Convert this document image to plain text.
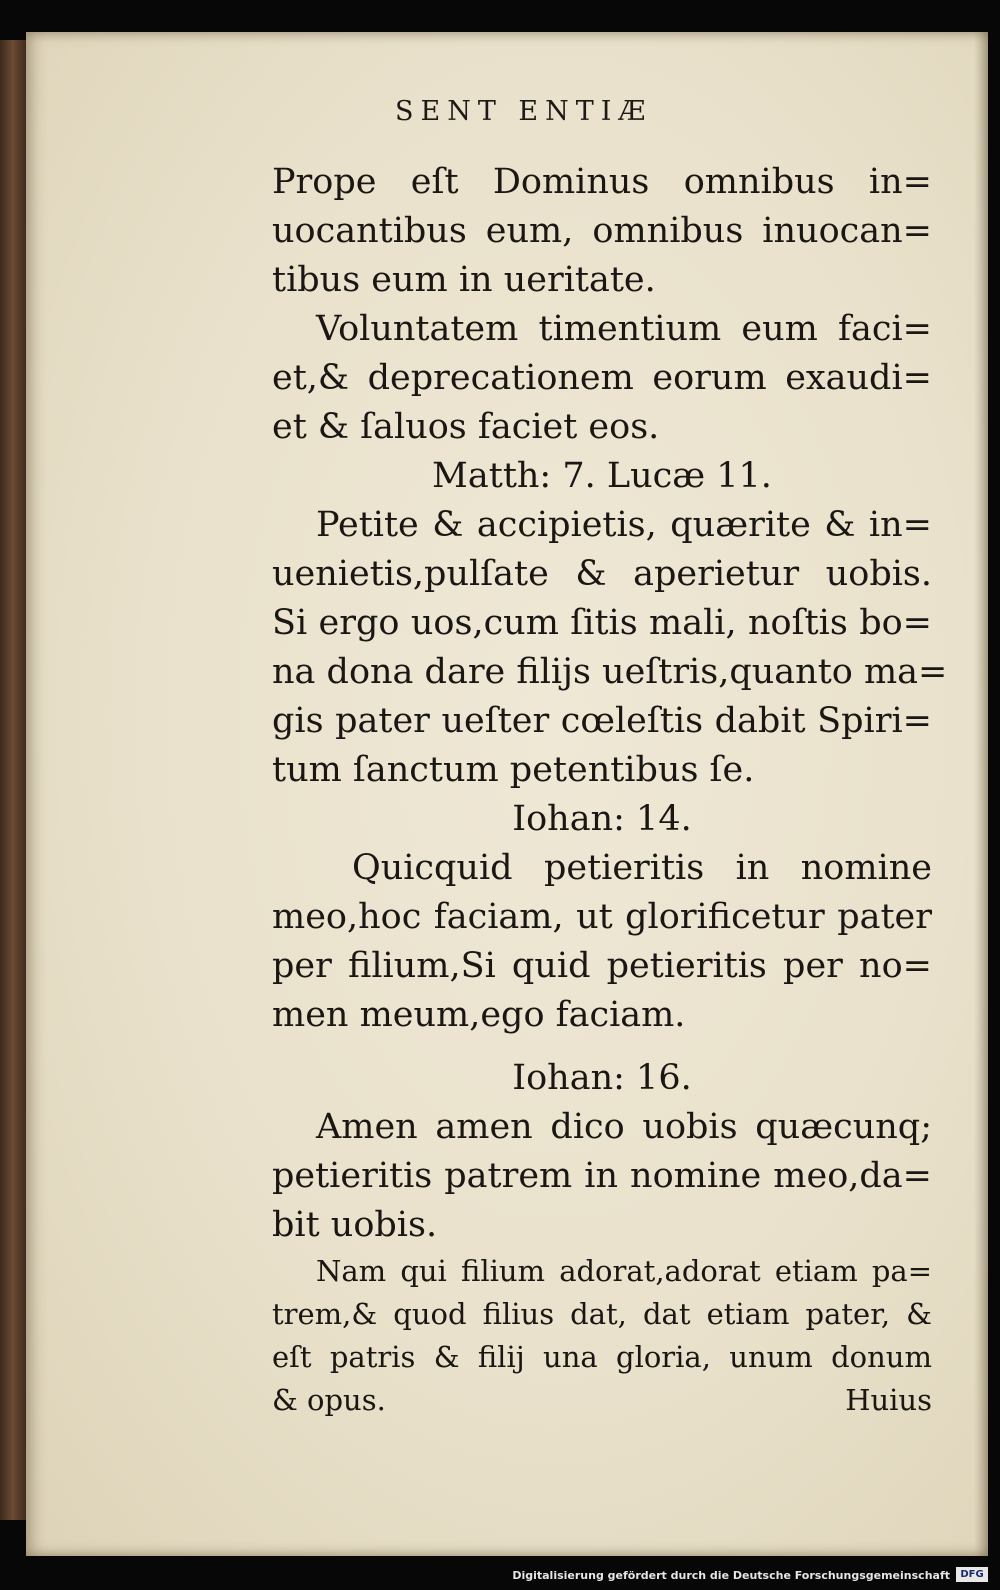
SENT ENTIÆ
Prope eſt Dominus omnibus in=
uocantibus eum, omnibus inuocan=
tibus eum in ueritate.
Voluntatem timentium eum faci=
et,& deprecationem eorum exaudi=
et & ſaluos faciet eos.
Matth: 7. Lucæ 11.
Petite & accipietis, quærite & in=
uenietis,pulſate & aperietur uobis.
Si ergo uos,cum ſitis mali, noſtis bo=
na dona dare filijs ueſtris,quanto ma=
gis pater ueſter cœleſtis dabit Spiri=
tum ſanctum petentibus ſe.
Iohan: 14.
Quicquid petieritis in nomine
meo,hoc faciam, ut glorificetur pater
per filium,Si quid petieritis per no=
men meum,ego faciam.
Iohan: 16.
Amen amen dico uobis quæcunq;
petieritis patrem in nomine meo,da=
bit uobis.
Nam qui filium adorat,adorat etiam pa=
trem,& quod filius dat, dat etiam pater, &
eſt patris & filij una gloria, unum donum
& opus.	Huius
Digitalisierung gefördert durch die Deutsche Forschungsgemeinschaft	DFG
